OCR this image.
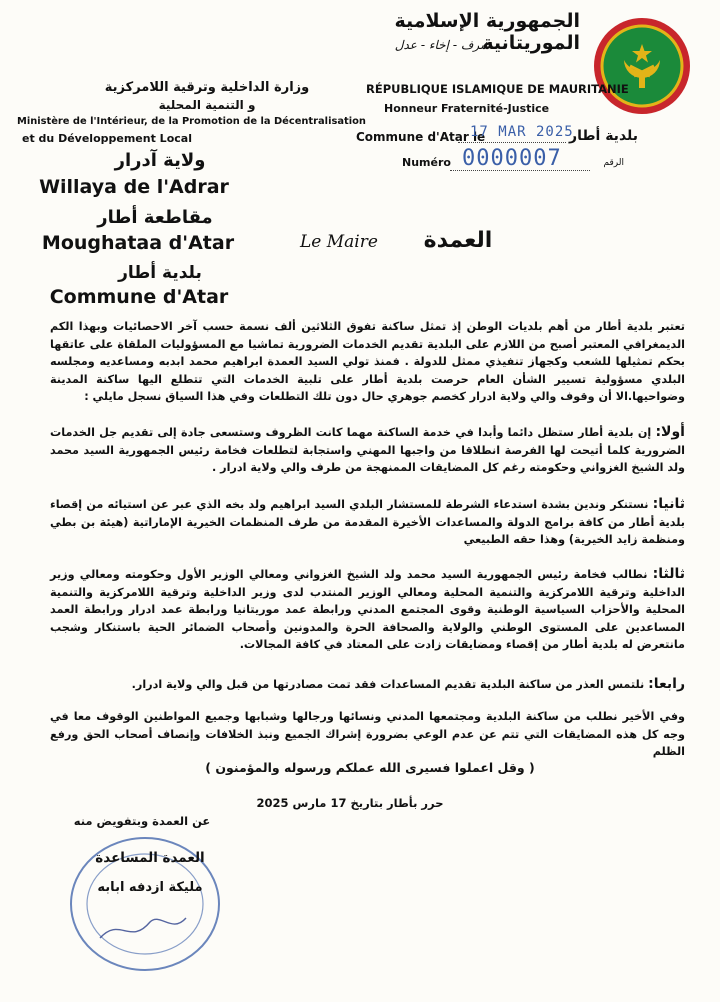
الجمهورية الإسلامية الموريتانية
شرف - إخاء - عدل
RÉPUBLIQUE ISLAMIQUE DE MAURITANIE
Honneur Fraternité-Justice
Commune d'Atar le
17 MAR 2025
بلدية أطار
Numéro 0000007	الرقم
وزارة الداخلية وترقية اللامركزية
و التنمية المحلية
Ministère de l'Intérieur, de la Promotion de la Décentralisation
et du Développement Local
ولاية آدرار
Willaya de l'Adrar
مقاطعة أطار
Moughataa d'Atar
بلدية أطار
Commune d'Atar
Le Maire	العمدة

تعتبر بلدية أطار من أهم بلديات الوطن إذ تمثل ساكنة تفوق الثلاثين ألف نسمة حسب آخر الاحصائيات وبهذا الكم الديمغرافي المعتبر أصبح من اللازم على البلدية تقديم الخدمات الضرورية تماشيا مع المسؤوليات الملقاة على عاتقها بحكم تمثيلها للشعب وكجهاز تنفيذي ممثل للدولة . فمنذ تولي السيد العمدة ابراهيم محمد ابدبه ومساعديه ومجلسه البلدي مسؤولية تسيير الشأن العام حرصت بلدية أطار على تلبية الخدمات التي تتطلع اليها ساكنة المدينة وضواحيها.الا أن وقوف والي ولاية ادرار كخصم جوهري حال دون تلك التطلعات وفي هذا السياق نسجل مايلي :

أولا: إن بلدية أطار ستظل دائما وأبدا في خدمة الساكنة مهما كانت الظروف وستسعى جادة إلى تقديم جل الخدمات الضرورية كلما أتيحت لها الفرصة انطلاقا من واجبها المهني واستجابة لتطلعات فخامة رئيس الجمهورية السيد محمد ولد الشيخ الغزواني وحكومته رغم كل المضايقات الممنهجة من طرف والي ولاية ادرار .

ثانيا: نستنكر وندين بشدة استدعاء الشرطة للمستشار البلدي السيد ابراهيم ولد بخه الذي عبر عن استيائه من إقصاء بلدية أطار من كافة برامج الدولة والمساعدات الأخيرة المقدمة من طرف المنظمات الخيرية الإماراتية (هيئة بن بطي ومنظمة زايد الخيرية) وهذا حقه الطبيعي

ثالثا: نطالب فخامة رئيس الجمهورية السيد محمد ولد الشيخ الغزواني ومعالي الوزير الأول وحكومته ومعالي وزير الداخلية وترقية اللامركزية والتنمية المحلية ومعالي الوزير المنتدب لدى وزير الداخلية وترقية اللامركزية والتنمية المحلية والأحزاب السياسية الوطنية وقوى المجتمع المدني ورابطة عمد موريتانيا ورابطة عمد ادرار ورابطة العمد المساعدين على المستوى الوطني والولاية والصحافة الحرة والمدونين وأصحاب الضمائر الحية باستنكار وشجب مانتعرض له بلدية أطار من إقصاء ومضايقات زادت على المعتاد في كافة المجالات.

رابعا: نلتمس العذر من ساكنة البلدية تقديم المساعدات فقد تمت مصادرتها من قبل والي ولاية ادرار.

وفي الأخير نطلب من ساكنة البلدية ومجتمعها المدني ونسائها ورجالها وشبابها وجميع المواطنين الوقوف معا في وجه كل هذه المضايقات التي تتم عن عدم الوعي بضرورة إشراك الجميع ونبذ الخلافات وإنصاف أصحاب الحق ورفع الظلم

( وقل اعملوا فسيرى الله عملكم ورسوله والمؤمنون )
حرر بأطار بتاريخ 17 مارس 2025
عن العمدة وبتفويض منه
العمدة المساعدة
مليكة ازدفه ابابه
